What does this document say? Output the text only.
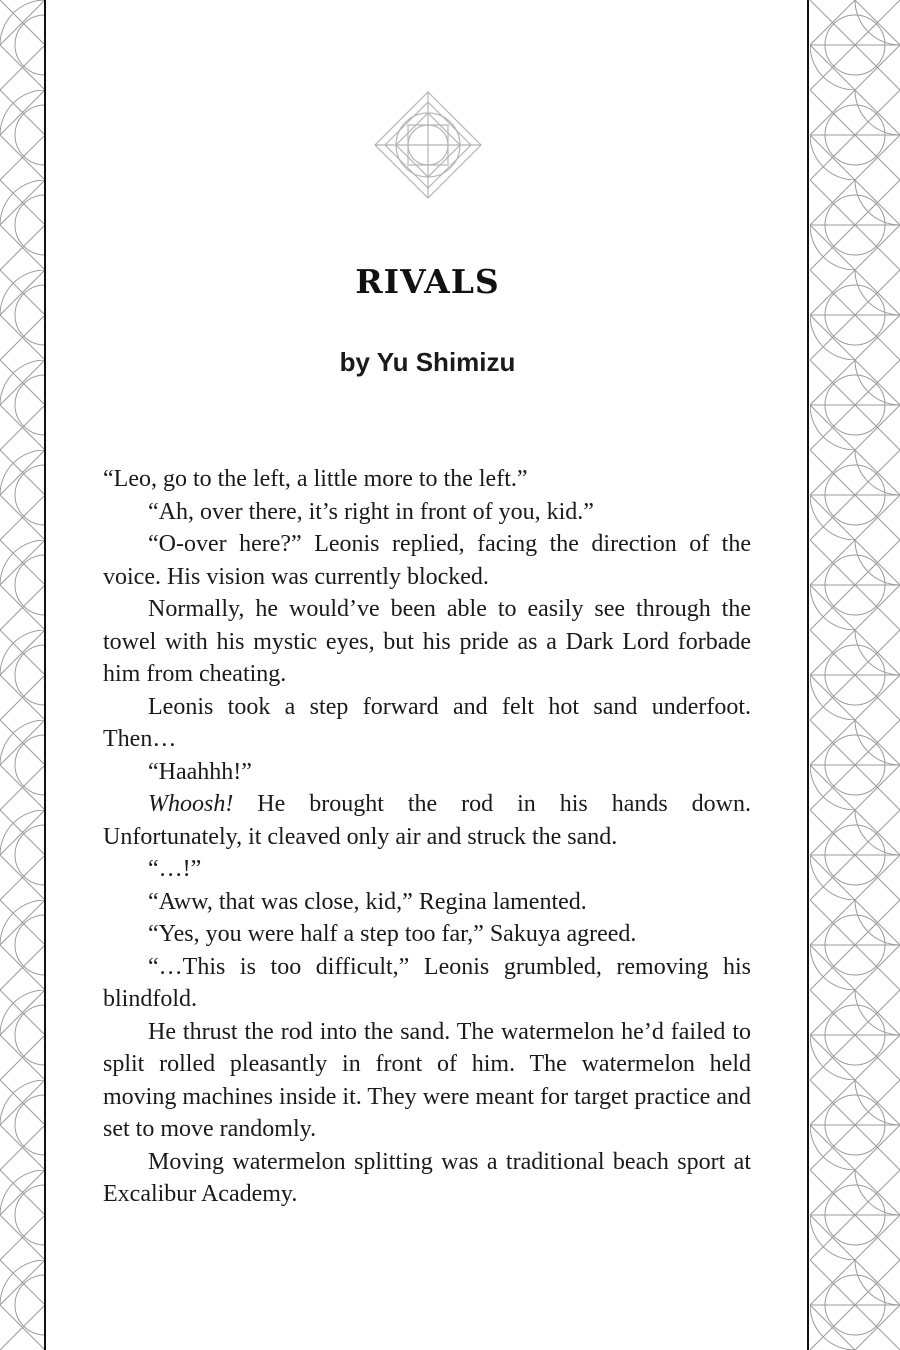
RIVALS
by Yu Shimizu

“Leo, go to the left, a little more to the left.”

“Ah, over there, it’s right in front of you, kid.”

“O-over here?” Leonis replied, facing the direction of the voice. His vision was currently blocked.

Normally, he would’ve been able to easily see through the towel with his mystic eyes, but his pride as a Dark Lord forbade him from cheating.

Leonis took a step forward and felt hot sand underfoot. Then…

“Haahhh!”

Whoosh! He brought the rod in his hands down. Unfortunately, it cleaved only air and struck the sand.

“…!”

“Aww, that was close, kid,” Regina lamented.

“Yes, you were half a step too far,” Sakuya agreed.

“…This is too difficult,” Leonis grumbled, removing his blindfold.

He thrust the rod into the sand. The watermelon he’d failed to split rolled pleasantly in front of him. The watermelon held moving machines inside it. They were meant for target practice and set to move randomly.

Moving watermelon splitting was a traditional beach sport at Excalibur Academy.
